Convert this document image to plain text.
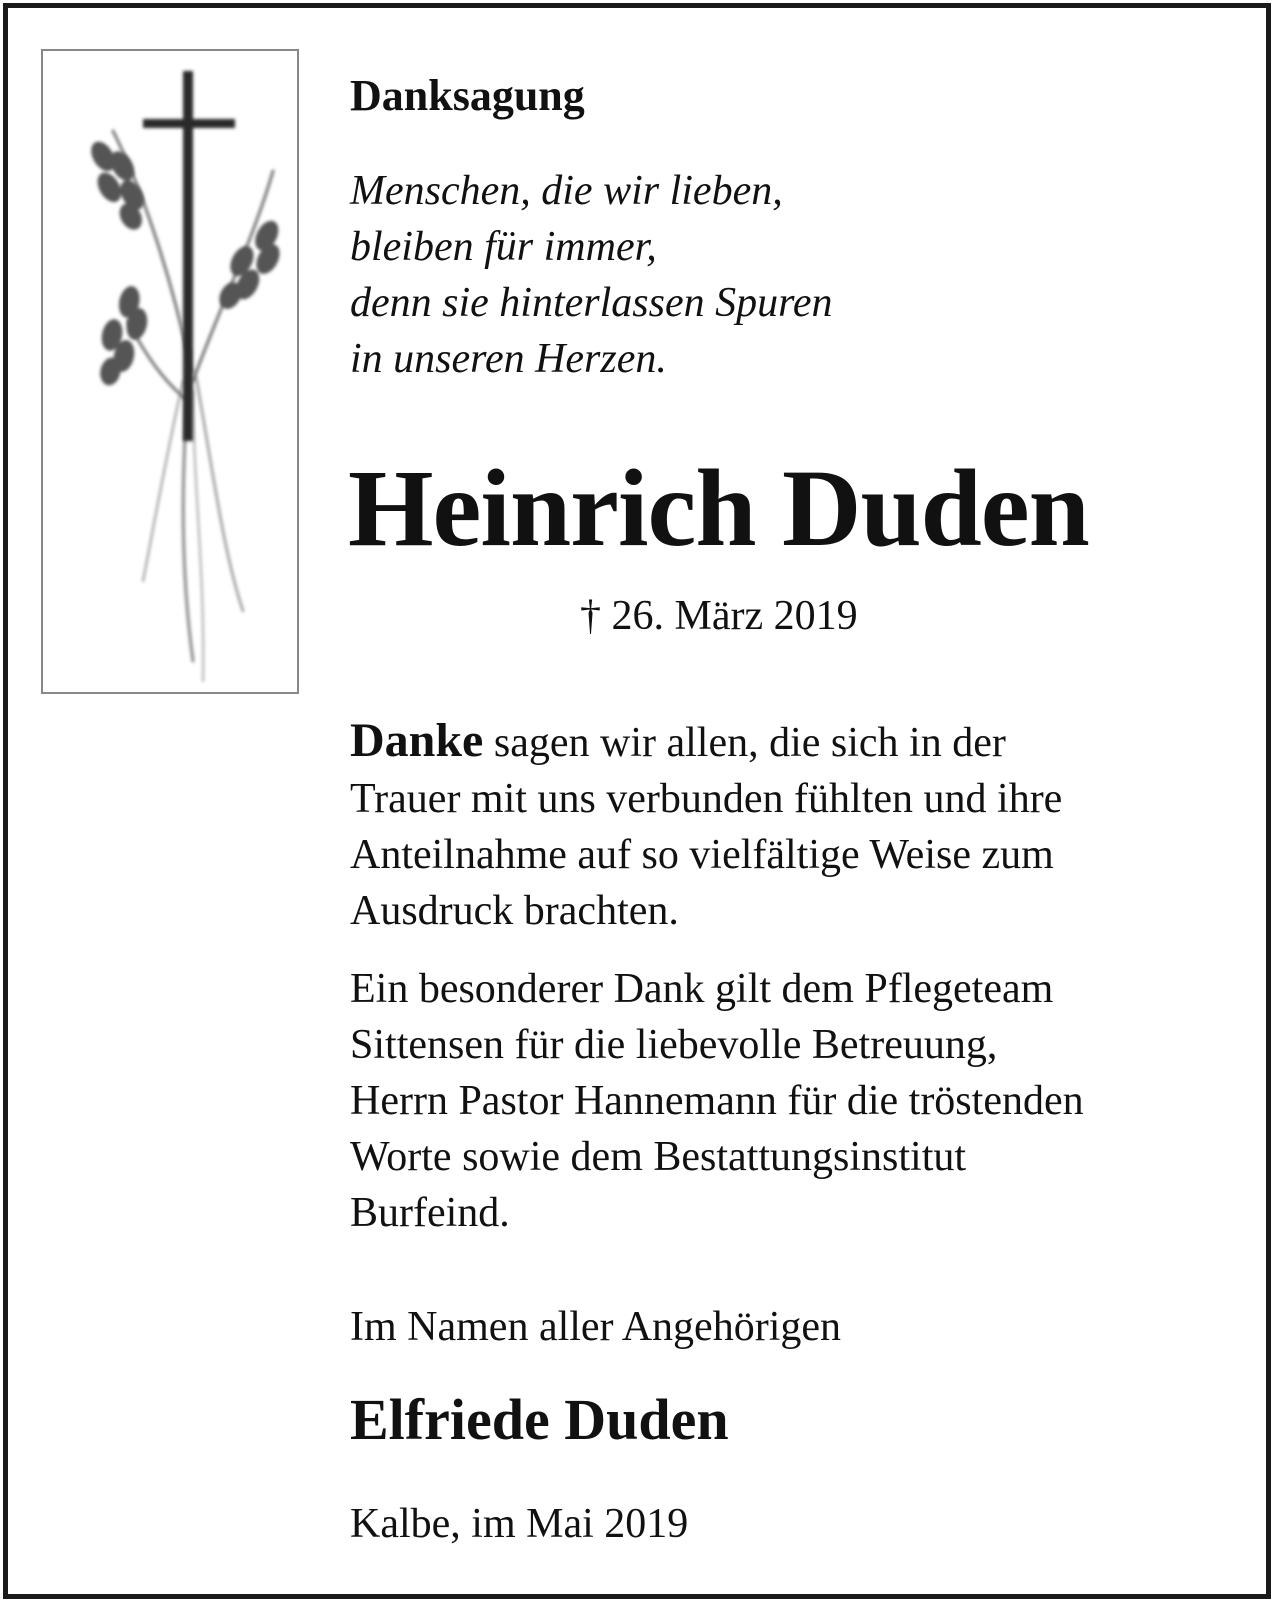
Danksagung
Menschen, die wir lieben,
bleiben für immer,
denn sie hinterlassen Spuren
in unseren Herzen.
Heinrich Duden
† 26. März 2019
Danke sagen wir allen, die sich in der
Trauer mit uns verbunden fühlten und ihre
Anteilnahme auf so vielfältige Weise zum
Ausdruck brachten.
Ein besonderer Dank gilt dem Pflegeteam
Sittensen für die liebevolle Betreuung,
Herrn Pastor Hannemann für die tröstenden
Worte sowie dem Bestattungsinstitut
Burfeind.
Im Namen aller Angehörigen
Elfriede Duden
Kalbe, im Mai 2019
